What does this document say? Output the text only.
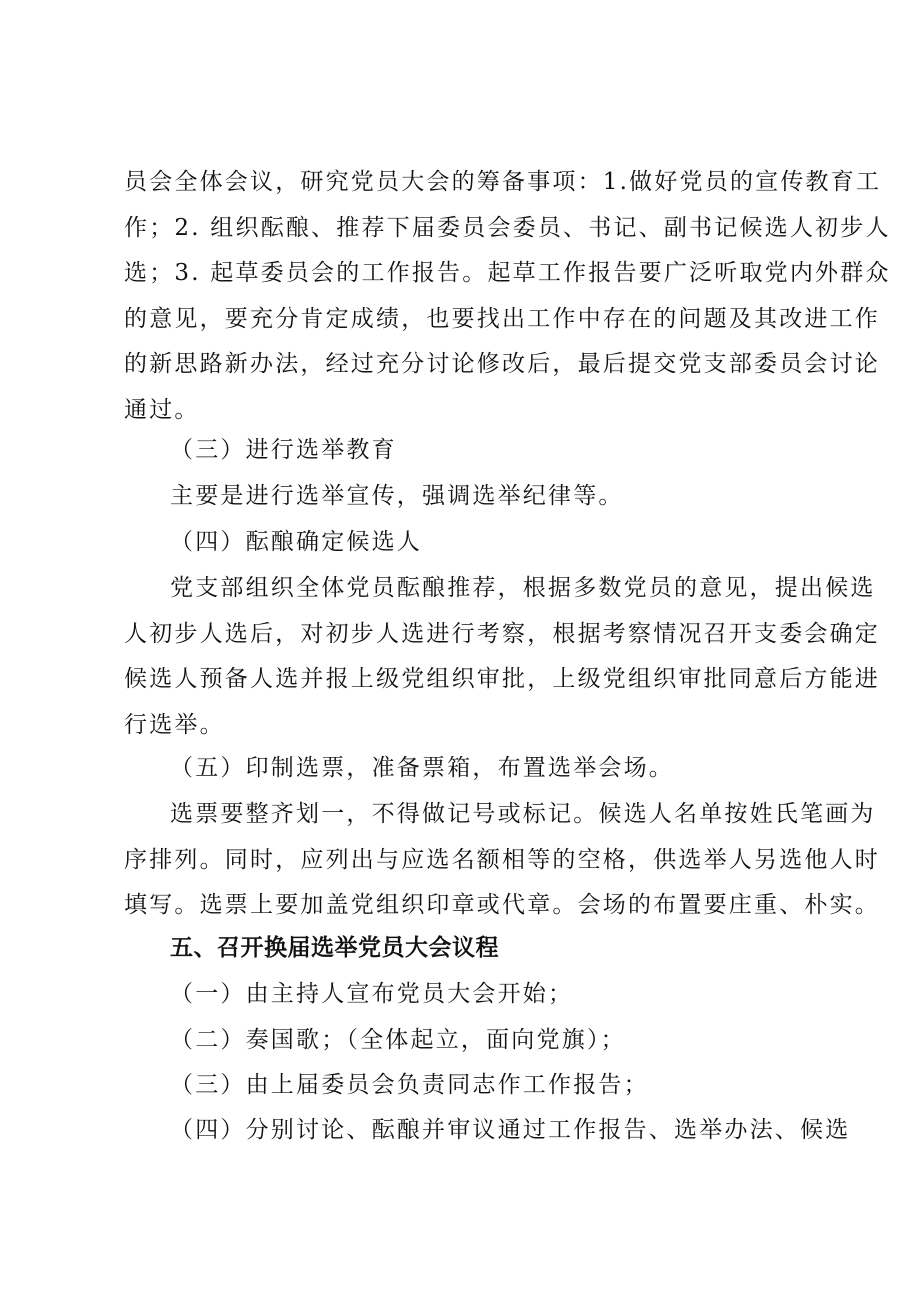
员会全体会议，研究党员大会的筹备事项：1.做好党员的宣传教育工
作；2. 组织酝酿、推荐下届委员会委员、书记、副书记候选人初步人
选；3. 起草委员会的工作报告。起草工作报告要广泛听取党内外群众
的意见，要充分肯定成绩，也要找出工作中存在的问题及其改进工作
的新思路新办法，经过充分讨论修改后，最后提交党支部委员会讨论
通过。

（三）进行选举教育

主要是进行选举宣传，强调选举纪律等。

（四）酝酿确定候选人

党支部组织全体党员酝酿推荐，根据多数党员的意见，提出候选
人初步人选后，对初步人选进行考察，根据考察情况召开支委会确定
候选人预备人选并报上级党组织审批，上级党组织审批同意后方能进
行选举。

（五）印制选票，准备票箱，布置选举会场。

选票要整齐划一，不得做记号或标记。候选人名单按姓氏笔画为
序排列。同时，应列出与应选名额相等的空格，供选举人另选他人时
填写。选票上要加盖党组织印章或代章。会场的布置要庄重、朴实。
五、召开换届选举党员大会议程

（一）由主持人宣布党员大会开始；

（二）奏国歌；（全体起立，面向党旗）；

（三）由上届委员会负责同志作工作报告；

（四）分别讨论、酝酿并审议通过工作报告、选举办法、候选
